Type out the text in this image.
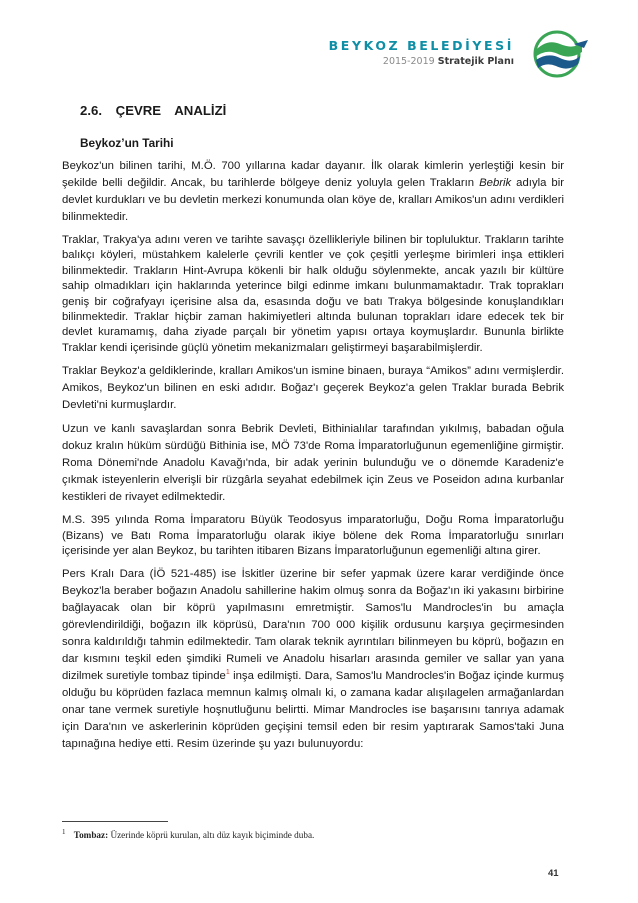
BEYKOZ BELEDİYESİ
2015-2019 Stratejik Planı
2.6. ÇEVRE ANALİZİ
Beykoz’un Tarihi

Beykoz'un bilinen tarihi, M.Ö. 700 yıllarına kadar dayanır. İlk olarak kimlerin yerleştiği kesin bir şekilde belli değildir. Ancak, bu tarihlerde bölgeye deniz yoluyla gelen Trakların Bebrik adıyla bir devlet kurdukları ve bu devletin merkezi konumunda olan köye de, kralları Amikos'un adını verdikleri bilinmektedir.

Traklar, Trakya'ya adını veren ve tarihte savaşçı özellikleriyle bilinen bir topluluktur. Trakların tarihte balıkçı köyleri, müstahkem kalelerle çevrili kentler ve çok çeşitli yerleşme birimleri inşa ettikleri bilinmektedir. Trakların Hint-Avrupa kökenli bir halk olduğu söylenmekte, ancak yazılı bir kültüre sahip olmadıkları için haklarında yeterince bilgi edinme imkanı bulunmamaktadır. Trak toprakları geniş bir coğrafyayı içerisine alsa da, esasında doğu ve batı Trakya bölgesinde konuşlandıkları bilinmektedir. Traklar hiçbir zaman hakimiyetleri altında bulunan toprakları idare edecek tek bir devlet kuramamış, daha ziyade parçalı bir yönetim yapısı ortaya koymuşlardır. Bununla birlikte Traklar kendi içerisinde güçlü yönetim mekanizmaları geliştirmeyi başarabilmişlerdir.

Traklar Beykoz'a geldiklerinde, kralları Amikos'un ismine binaen, buraya “Amikos” adını vermişlerdir. Amikos, Beykoz'un bilinen en eski adıdır. Boğaz'ı geçerek Beykoz'a gelen Traklar burada Bebrik Devleti'ni kurmuşlardır.

Uzun ve kanlı savaşlardan sonra Bebrik Devleti, Bithinialılar tarafından yıkılmış, babadan oğula dokuz kralın hüküm sürdüğü Bithinia ise, MÖ 73'de Roma İmparatorluğunun egemenliğine girmiştir. Roma Dönemi'nde Anadolu Kavağı'nda, bir adak yerinin bulunduğu ve o dönemde Karadeniz'e çıkmak isteyenlerin elverişli bir rüzgârla seyahat edebilmek için Zeus ve Poseidon adına kurbanlar kestikleri de rivayet edilmektedir.

M.S. 395 yılında Roma İmparatoru Büyük Teodosyus imparatorluğu, Doğu Roma İmparatorluğu (Bizans) ve Batı Roma İmparatorluğu olarak ikiye bölene dek Roma İmparatorluğu sınırları içerisinde yer alan Beykoz, bu tarihten itibaren Bizans İmparatorluğunun egemenliği altına girer.

Pers Kralı Dara (İÖ 521-485) ise İskitler üzerine bir sefer yapmak üzere karar verdiğinde önce Beykoz'la beraber boğazın Anadolu sahillerine hakim olmuş sonra da Boğaz'ın iki yakasını birbirine bağlayacak olan bir köprü yapılmasını emretmiştir. Samos'lu Mandrocles'in bu amaçla görevlendirildiği, boğazın ilk köprüsü, Dara'nın 700 000 kişilik ordusunu karşıya geçirmesinden sonra kaldırıldığı tahmin edilmektedir. Tam olarak teknik ayrıntıları bilinmeyen bu köprü, boğazın en dar kısmını teşkil eden şimdiki Rumeli ve Anadolu hisarları arasında gemiler ve sallar yan yana dizilmek suretiyle tombaz tipinde$^1$ inşa edilmişti. Dara, Samos'lu Mandrocles'in Boğaz içinde kurmuş olduğu bu köprüden fazlaca memnun kalmış olmalı ki, o zamana kadar alışılagelen armağanlardan onar tane vermek suretiyle hoşnutluğunu belirtti. Mimar Mandrocles ise başarısını tanrıya adamak için Dara'nın ve askerlerinin köprüden geçişini temsil eden bir resim yaptırarak Samos'taki Juna tapınağına hediye etti. Resim üzerinde şu yazı bulunuyordu:

$^1$ Tombaz: Üzerinde köprü kurulan, altı düz kayık biçiminde duba.
41
